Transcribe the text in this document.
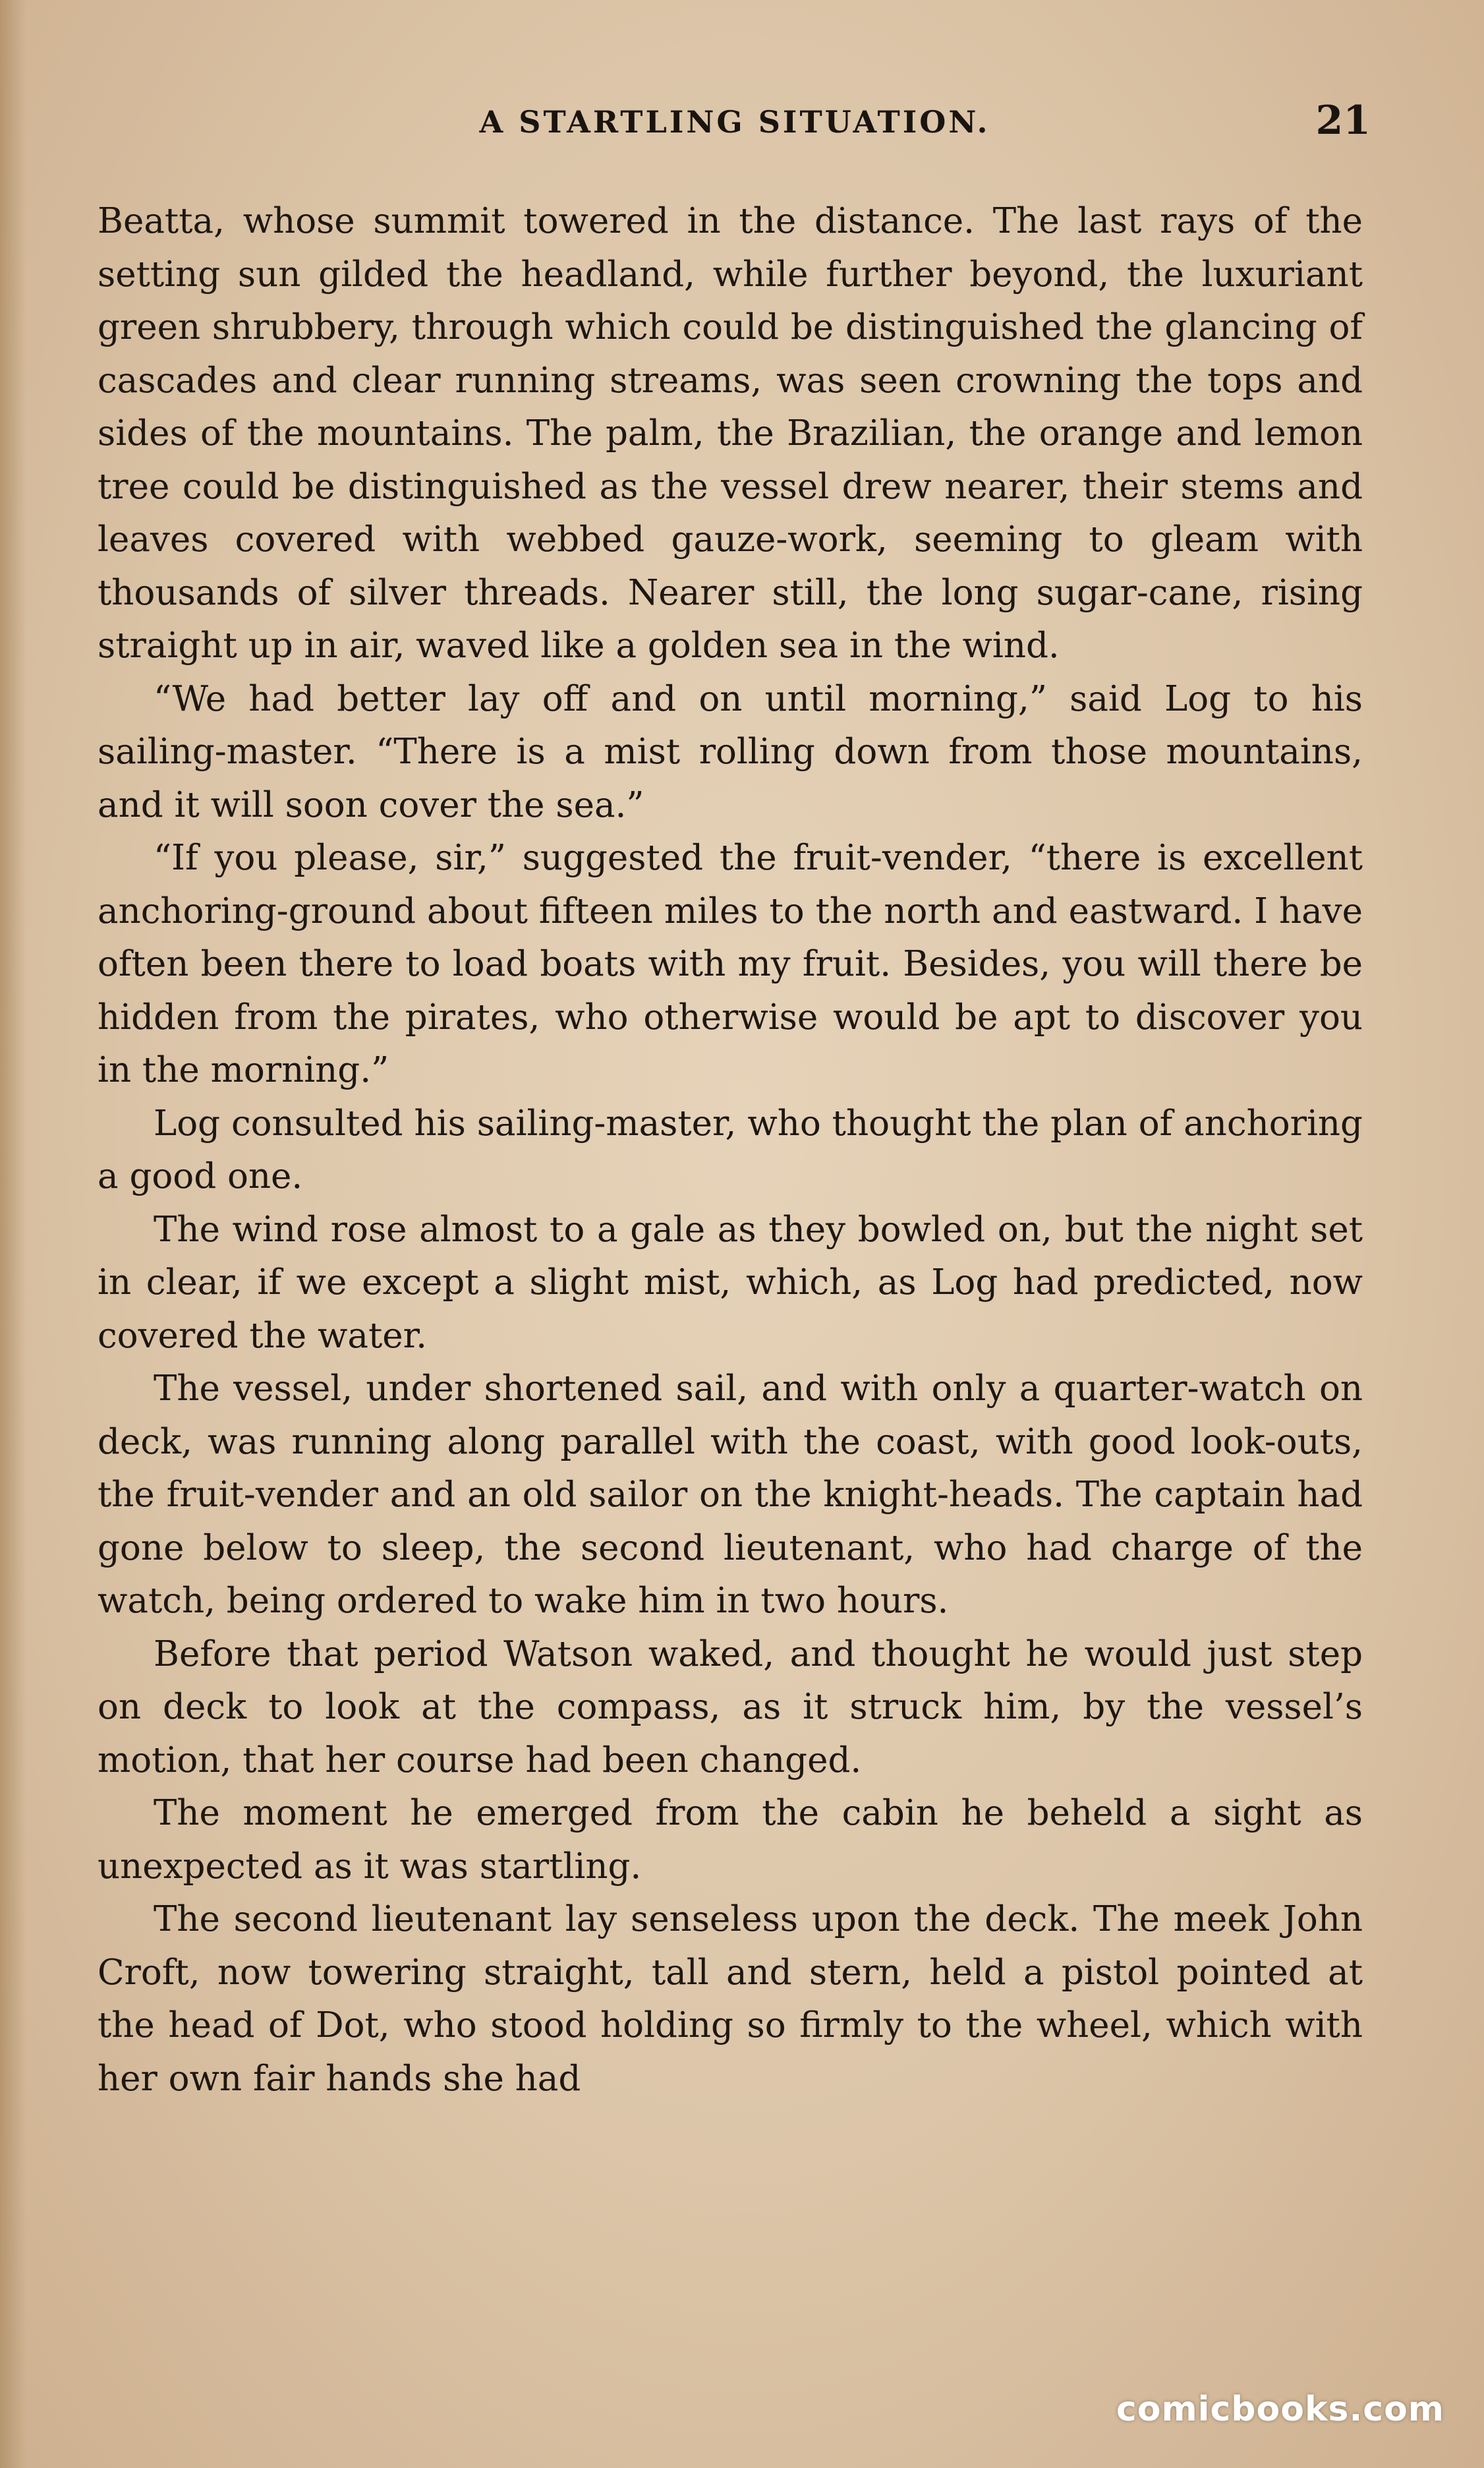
A STARTLING SITUATION.	21

Beatta, whose summit towered in the distance. The last rays of the setting sun gilded the headland, while further beyond, the luxuriant green shrubbery, through which could be distinguished the glancing of cascades and clear running streams, was seen crowning the tops and sides of the mountains. The palm, the Brazilian, the orange and lemon tree could be distinguished as the vessel drew nearer, their stems and leaves covered with webbed gauze-work, seeming to gleam with thousands of silver threads. Nearer still, the long sugar-cane, rising straight up in air, waved like a golden sea in the wind.

“We had better lay off and on until morning,” said Log to his sailing-master. “There is a mist rolling down from those mountains, and it will soon cover the sea.”

“If you please, sir,” suggested the fruit-vender, “there is excellent anchoring-ground about fifteen miles to the north and eastward. I have often been there to load boats with my fruit. Besides, you will there be hidden from the pirates, who otherwise would be apt to discover you in the morning.”

Log consulted his sailing-master, who thought the plan of anchoring a good one.

The wind rose almost to a gale as they bowled on, but the night set in clear, if we except a slight mist, which, as Log had predicted, now covered the water.

The vessel, under shortened sail, and with only a quarter-watch on deck, was running along parallel with the coast, with good look-outs, the fruit-vender and an old sailor on the knight-heads. The captain had gone below to sleep, the second lieutenant, who had charge of the watch, being ordered to wake him in two hours.

Before that period Watson waked, and thought he would just step on deck to look at the compass, as it struck him, by the vessel’s motion, that her course had been changed.

The moment he emerged from the cabin he beheld a sight as unexpected as it was startling.

The second lieutenant lay senseless upon the deck. The meek John Croft, now towering straight, tall and stern, held a pistol pointed at the head of Dot, who stood holding so firmly to the wheel, which with her own fair hands she had

comicbooks.com
